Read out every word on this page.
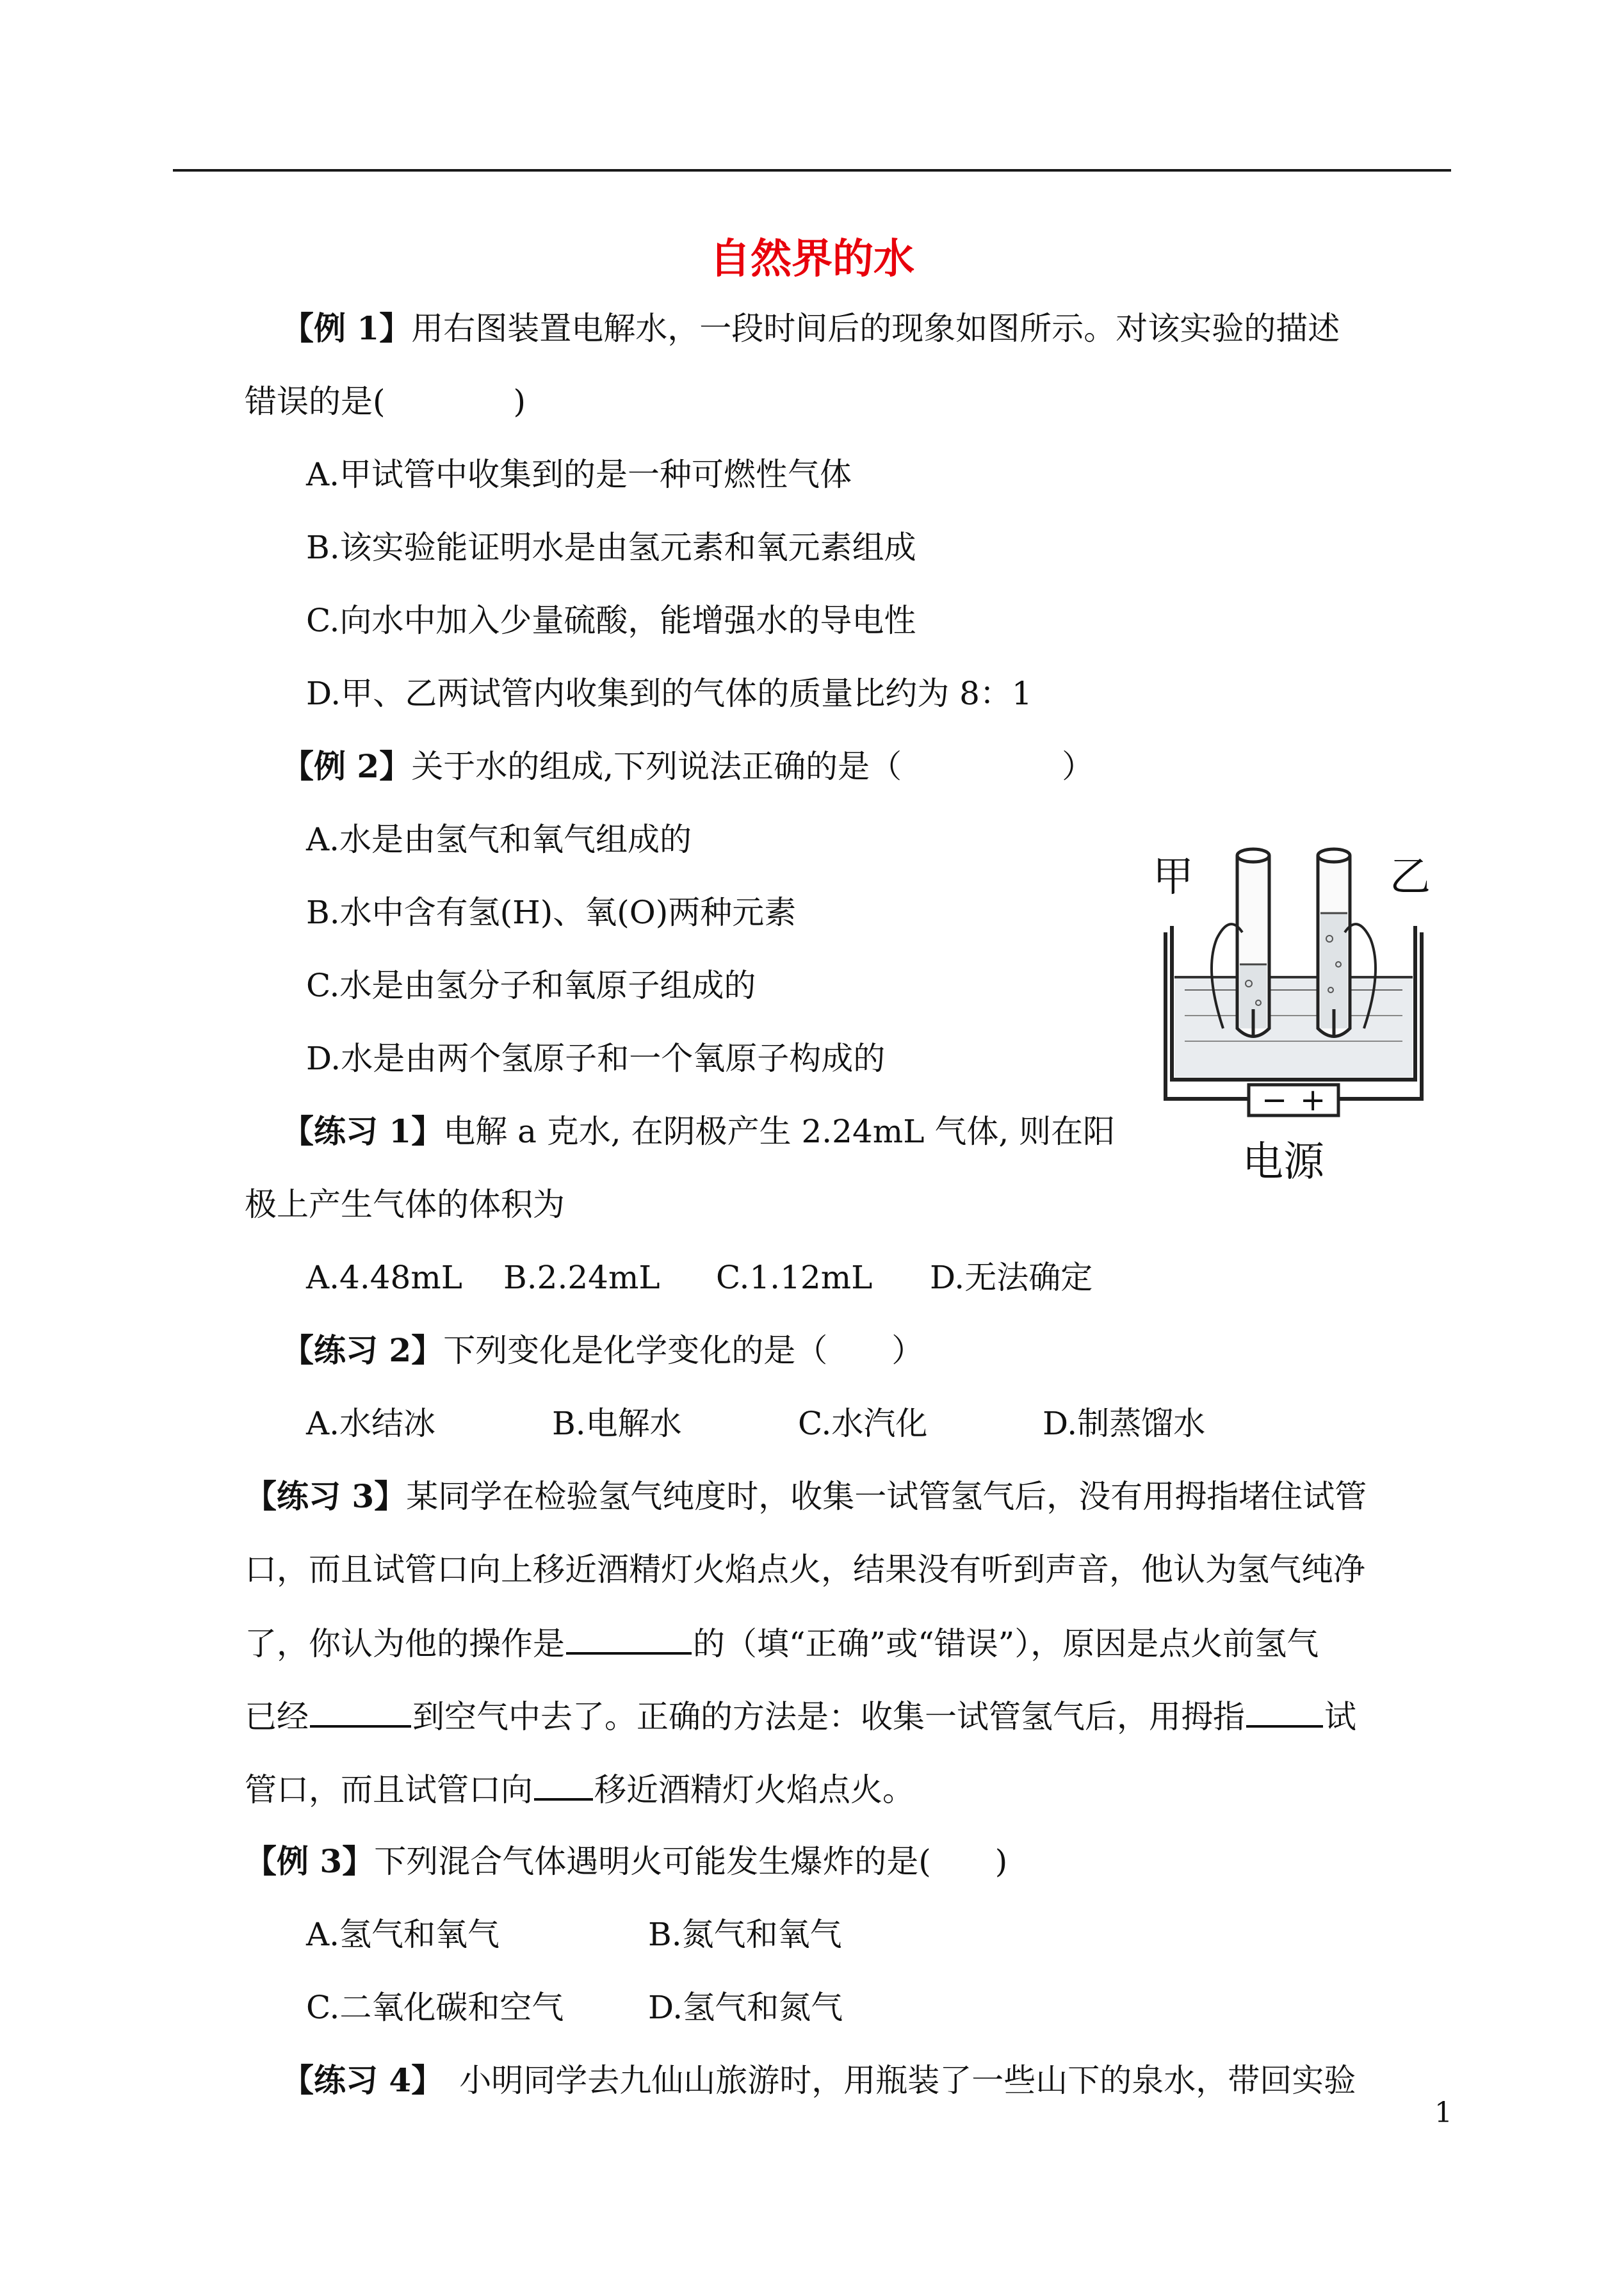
自然界的水
【例 1】用右图装置电解水，一段时间后的现象如图所示。对该实验的描述
错误的是(　　　　)
A.甲试管中收集到的是一种可燃性气体
B.该实验能证明水是由氢元素和氧元素组成
C.向水中加入少量硫酸，能增强水的导电性
D.甲、乙两试管内收集到的气体的质量比约为 8：1
【例 2】关于水的组成,下列说法正确的是（　　　　　）
A.水是由氢气和氧气组成的
B.水中含有氢(H)、氧(O)两种元素
C.水是由氢分子和氧原子组成的
D.水是由两个氢原子和一个氧原子构成的
【练习 1】电解 a 克水, 在阴极产生 2.24mL 气体, 则在阳
极上产生气体的体积为
A.4.48mL B.2.24mL C.1.12mL D.无法确定
【练习 2】下列变化是化学变化的是（　　）
A.水结冰	B.电解水	C.水汽化	D.制蒸馏水
【练习 3】某同学在检验氢气纯度时，收集一试管氢气后，没有用拇指堵住试管
口，而且试管口向上移近酒精灯火焰点火，结果没有听到声音，他认为氢气纯净
了，你认为他的操作是	的（填“正确”或“错误”），原因是点火前氢气
已经	到空气中去了。正确的方法是：收集一试管氢气后，用拇指 试
管口，而且试管口向 移近酒精灯火焰点火。
【例 3】下列混合气体遇明火可能发生爆炸的是(　　)
A.氢气和氧气	B.氮气和氧气
C.二氧化碳和空气	D.氢气和氮气
【练习 4】　小明同学去九仙山旅游时，用瓶装了一些山下的泉水，带回实验
1
甲	乙
− +
电源
